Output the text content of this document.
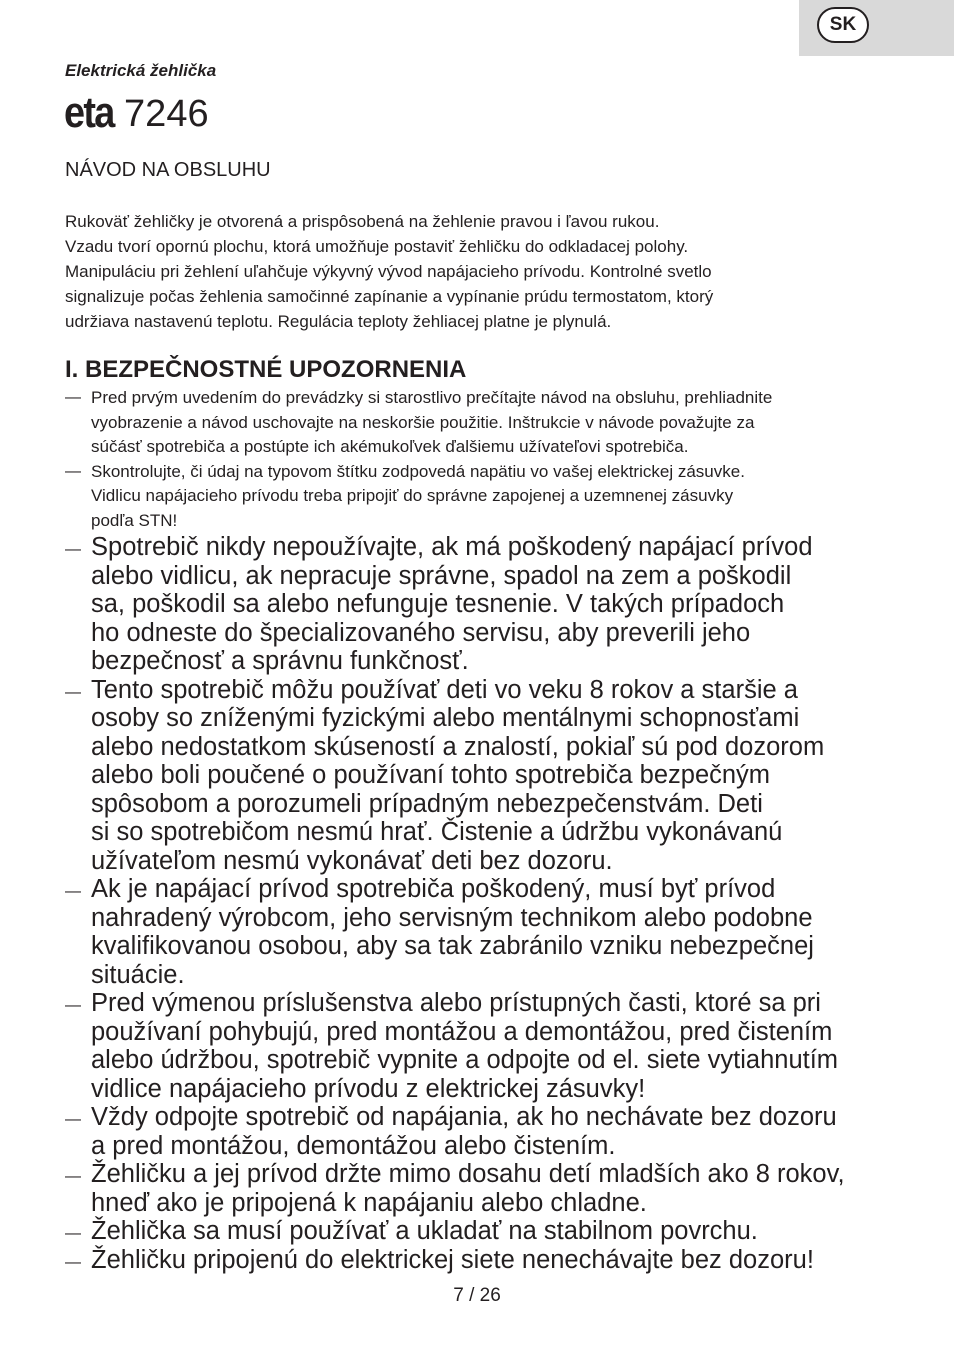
SK
Elektrická žehlička
eta 7246
NÁVOD NA OBSLUHU
Rukoväť žehličky je otvorená a prispôsobená na žehlenie pravou i ľavou rukou.
Vzadu tvorí opornú plochu, ktorá umožňuje postaviť žehličku do odkladacej polohy.
Manipuláciu pri žehlení uľahčuje výkyvný vývod napájacieho prívodu. Kontrolné svetlo
signalizuje počas žehlenia samočinné zapínanie a vypínanie prúdu termostatom, ktorý
udržiava nastavenú teplotu. Regulácia teploty žehliacej platne je plynulá.
I. BEZPEČNOSTNÉ UPOZORNENIA
— Pred prvým uvedením do prevádzky si starostlivo prečítajte návod na obsluhu, prehliadnite
vyobrazenie a návod uschovajte na neskoršie použitie. Inštrukcie v návode považujte za
súčásť spotrebiča a postúpte ich akémukoľvek ďalšiemu užívateľovi spotrebiča.
— Skontrolujte, či údaj na typovom štítku zodpovedá napätiu vo vašej elektrickej zásuvke.
Vidlicu napájacieho prívodu treba pripojiť do správne zapojenej a uzemnenej zásuvky
podľa STN!
— Spotrebič nikdy nepoužívajte, ak má poškodený napájací prívod
alebo vidlicu, ak nepracuje správne, spadol na zem a poškodil
sa, poškodil sa alebo nefunguje tesnenie. V takých prípadoch
ho odneste do špecializovaného servisu, aby preverili jeho
bezpečnosť a správnu funkčnosť.
— Tento spotrebič môžu používať deti vo veku 8 rokov a staršie a
osoby so zníženými fyzickými alebo mentálnymi schopnosťami
alebo nedostatkom skúseností a znalostí, pokiaľ sú pod dozorom
alebo boli poučené o používaní tohto spotrebiča bezpečným
spôsobom a porozumeli prípadným nebezpečenstvám. Deti
si so spotrebičom nesmú hrať. Čistenie a údržbu vykonávanú
užívateľom nesmú vykonávať deti bez dozoru.
— Ak je napájací prívod spotrebiča poškodený, musí byť prívod
nahradený výrobcom, jeho servisným technikom alebo podobne
kvalifikovanou osobou, aby sa tak zabránilo vzniku nebezpečnej
situácie.
— Pred výmenou príslušenstva alebo prístupných časti, ktoré sa pri
používaní pohybujú, pred montážou a demontážou, pred čistením
alebo údržbou, spotrebič vypnite a odpojte od el. siete vytiahnutím
vidlice napájacieho prívodu z elektrickej zásuvky!
— Vždy odpojte spotrebič od napájania, ak ho nechávate bez dozoru
a pred montážou, demontážou alebo čistením.
— Žehličku a jej prívod držte mimo dosahu detí mladších ako 8 rokov,
hneď ako je pripojená k napájaniu alebo chladne.
— Žehlička sa musí používať a ukladať na stabilnom povrchu.
— Žehličku pripojenú do elektrickej siete nenechávajte bez dozoru!
7 / 26
